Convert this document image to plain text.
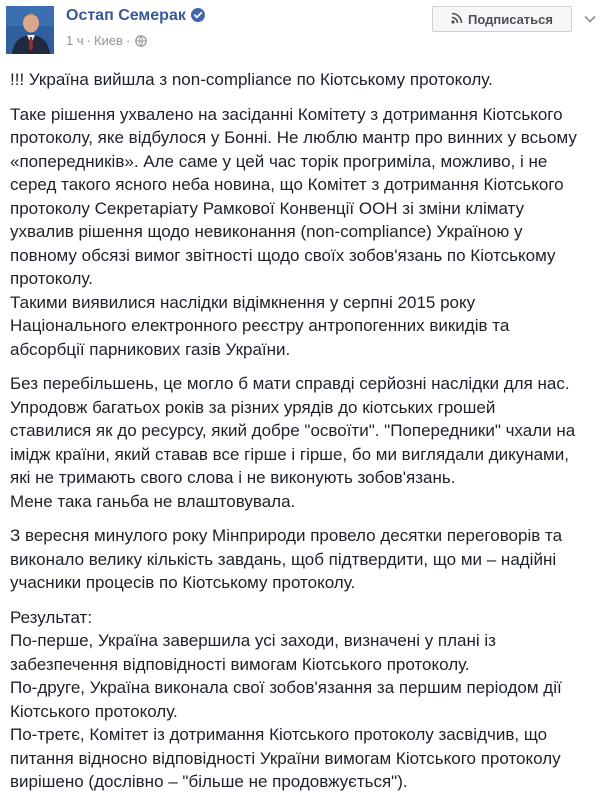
Остап Семерак
1 ч · Киев ·
Подписаться

!!! Україна вийшла з non-compliance по Кіотському протоколу.

Таке рішення ухвалено на засіданні Комітету з дотримання Кіотського
протоколу, яке відбулося у Бонні. Не люблю мантр про винних у всьому
«попередників». Але саме у цей час торік прогриміла, можливо, і не
серед такого ясного неба новина, що Комітет з дотримання Кіотського
протоколу Секретаріату Рамкової Конвенції ООН зі зміни клімату
ухвалив рішення щодо невиконання (non-compliance) Україною у
повному обсязі вимог звітності щодо своїх зобов'язань по Кіотському
протоколу.
Такими виявилися наслідки відімкнення у серпні 2015 року
Національного електронного реєстру антропогенних викидів та
абсорбції парникових газів України.

Без перебільшень, це могло б мати справді серйозні наслідки для нас.
Упродовж багатьох років за різних урядів до кіотських грошей
ставилися як до ресурсу, який добре "освоїти". "Попередники" чхали на
імідж країни, який ставав все гірше і гірше, бо ми виглядали дикунами,
які не тримають свого слова і не виконують зобов'язань.
Мене така ганьба не влаштовувала.

З вересня минулого року Мінприроди провело десятки переговорів та
виконало велику кількість завдань, щоб підтвердити, що ми – надійні
учасники процесів по Кіотському протоколу.

Результат:
По-перше, Україна завершила усі заходи, визначені у плані із
забезпечення відповідності вимогам Кіотського протоколу.
По-друге, Україна виконала свої зобов'язання за першим періодом дії
Кіотського протоколу.
По-третє, Комітет із дотримання Кіотського протоколу засвідчив, що
питання відносно відповідності України вимогам Кіотського протоколу
вирішено (дослівно – "більше не продовжується").
